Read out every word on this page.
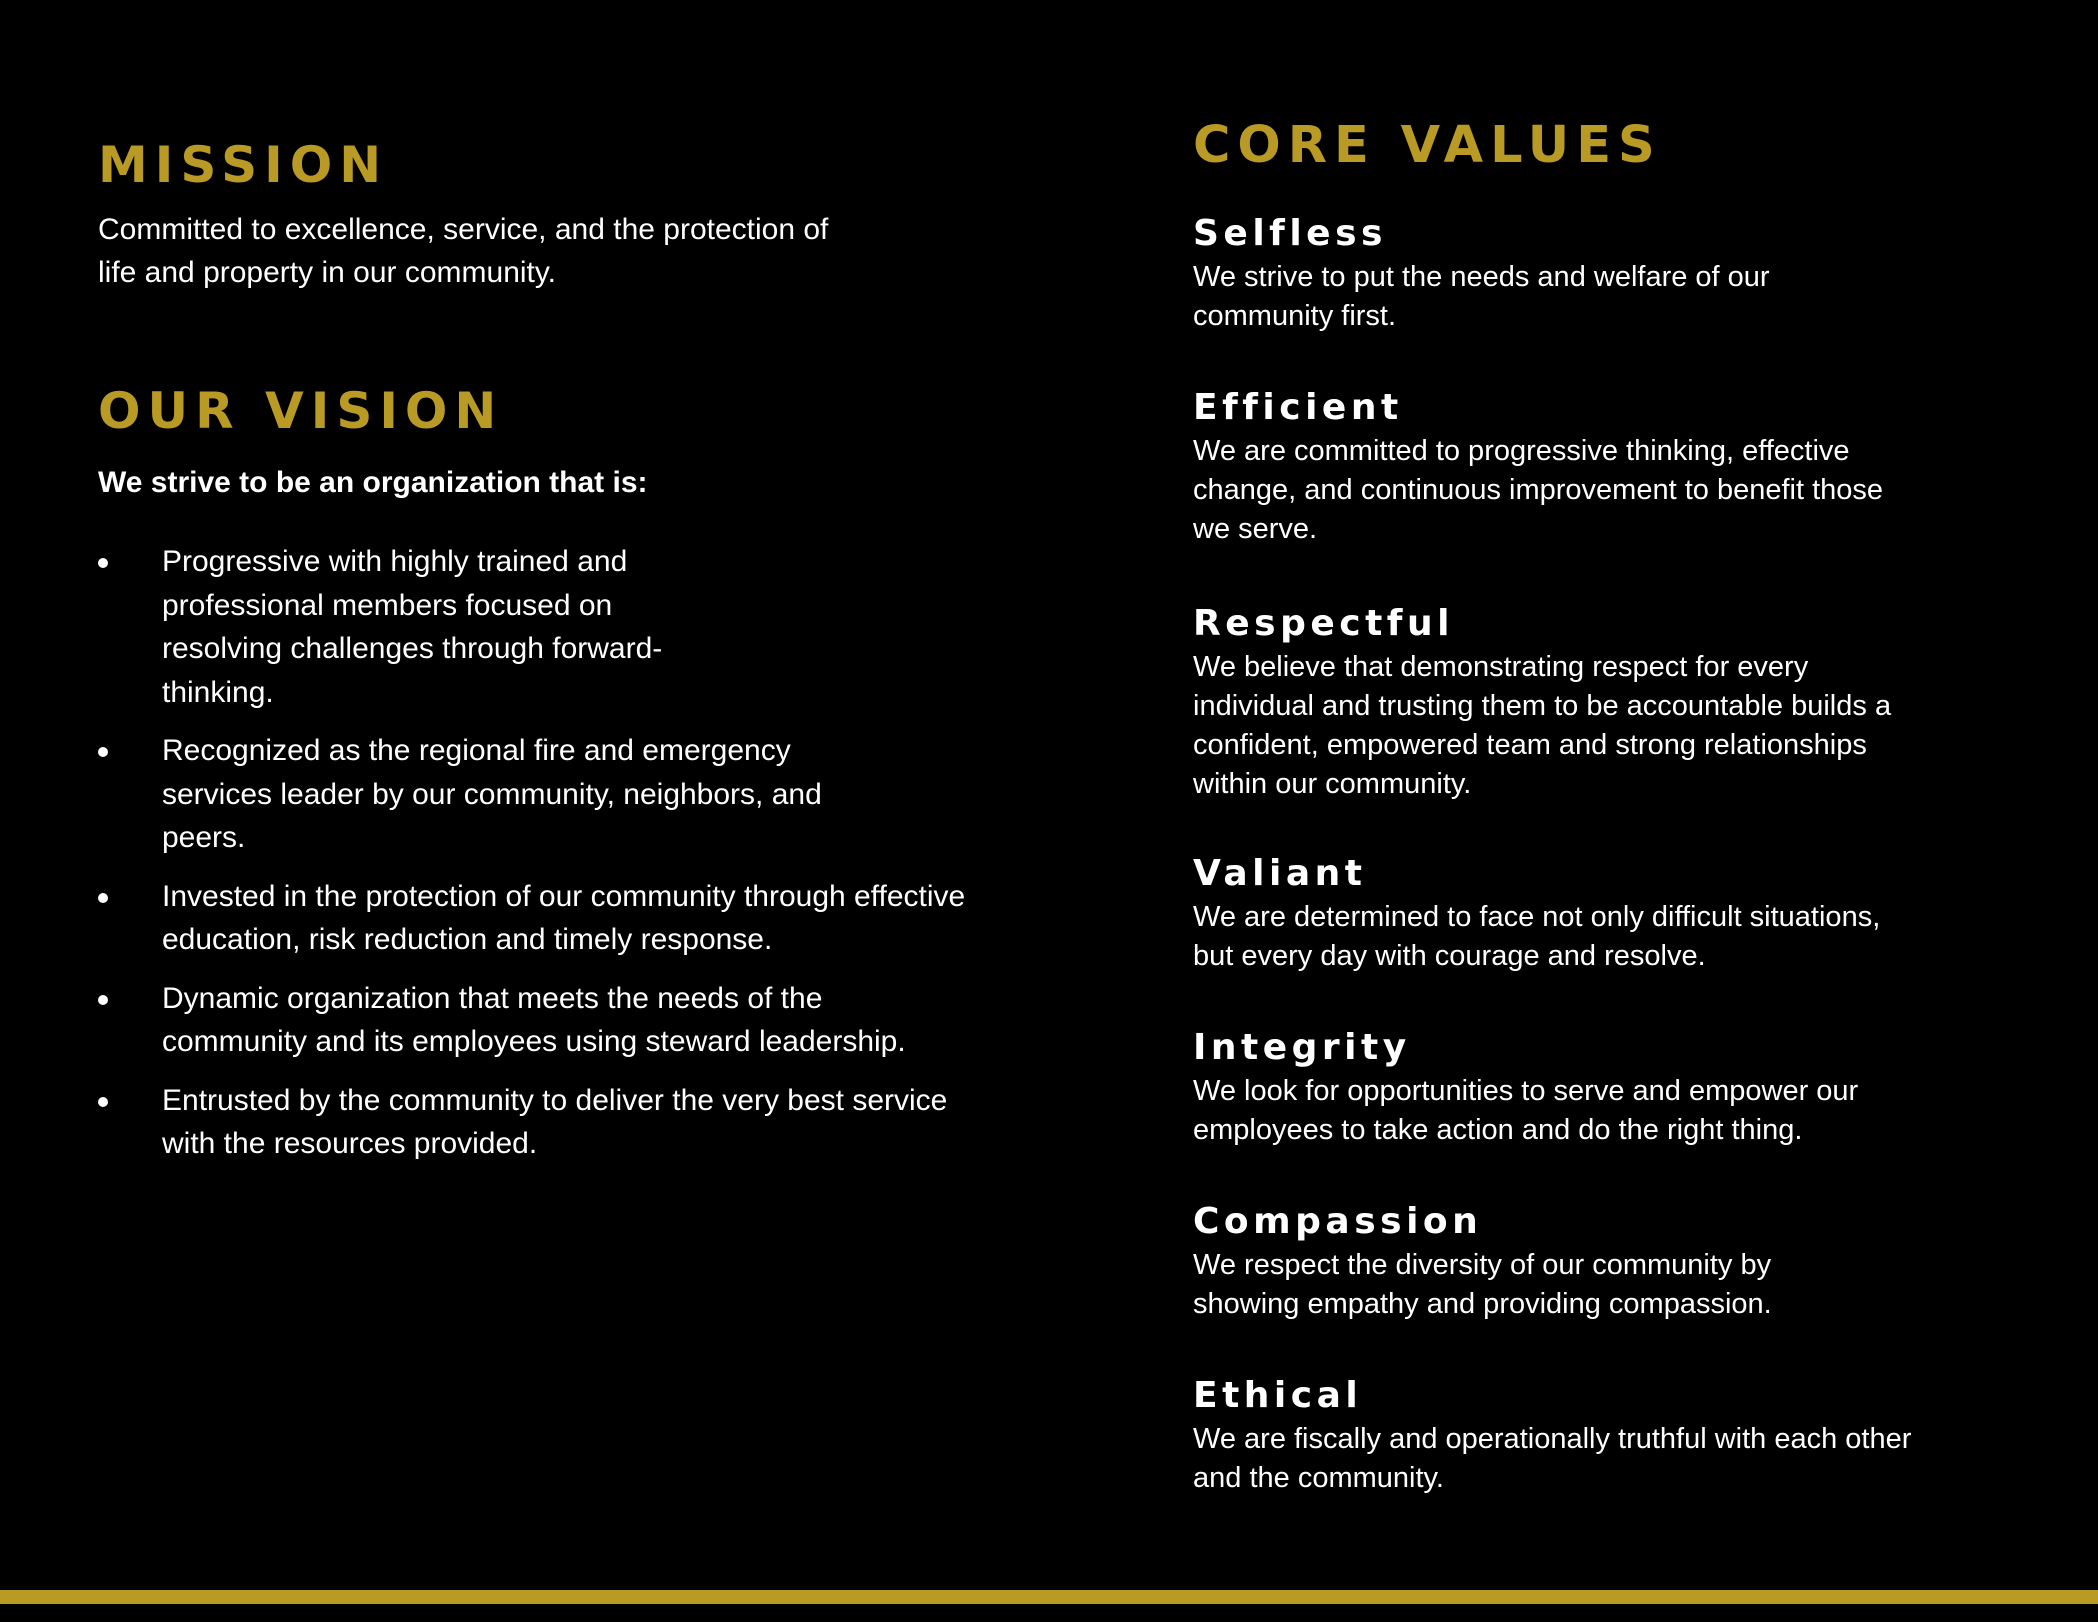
MISSION

Committed to excellence, service, and the protection of life and property in our community.

OUR VISION

We strive to be an organization that is:

Progressive with highly trained and professional members focused on resolving challenges through forward-thinking.
Recognized as the regional fire and emergency services leader by our community, neighbors, and peers.
Invested in the protection of our community through effective education, risk reduction and timely response.
Dynamic organization that meets the needs of the community and its employees using steward leadership.
Entrusted by the community to deliver the very best service with the resources provided.
CORE VALUES
Selfless

We strive to put the needs and welfare of our community first.

Efficient

We are committed to progressive thinking, effective change, and continuous improvement to benefit those we serve.

Respectful

We believe that demonstrating respect for every individual and trusting them to be accountable builds a confident, empowered team and strong relationships within our community.

Valiant

We are determined to face not only difficult situations, but every day with courage and resolve.

Integrity

We look for opportunities to serve and empower our employees to take action and do the right thing.

Compassion

We respect the diversity of our community by showing empathy and providing compassion.

Ethical

We are fiscally and operationally truthful with each other and the community.
